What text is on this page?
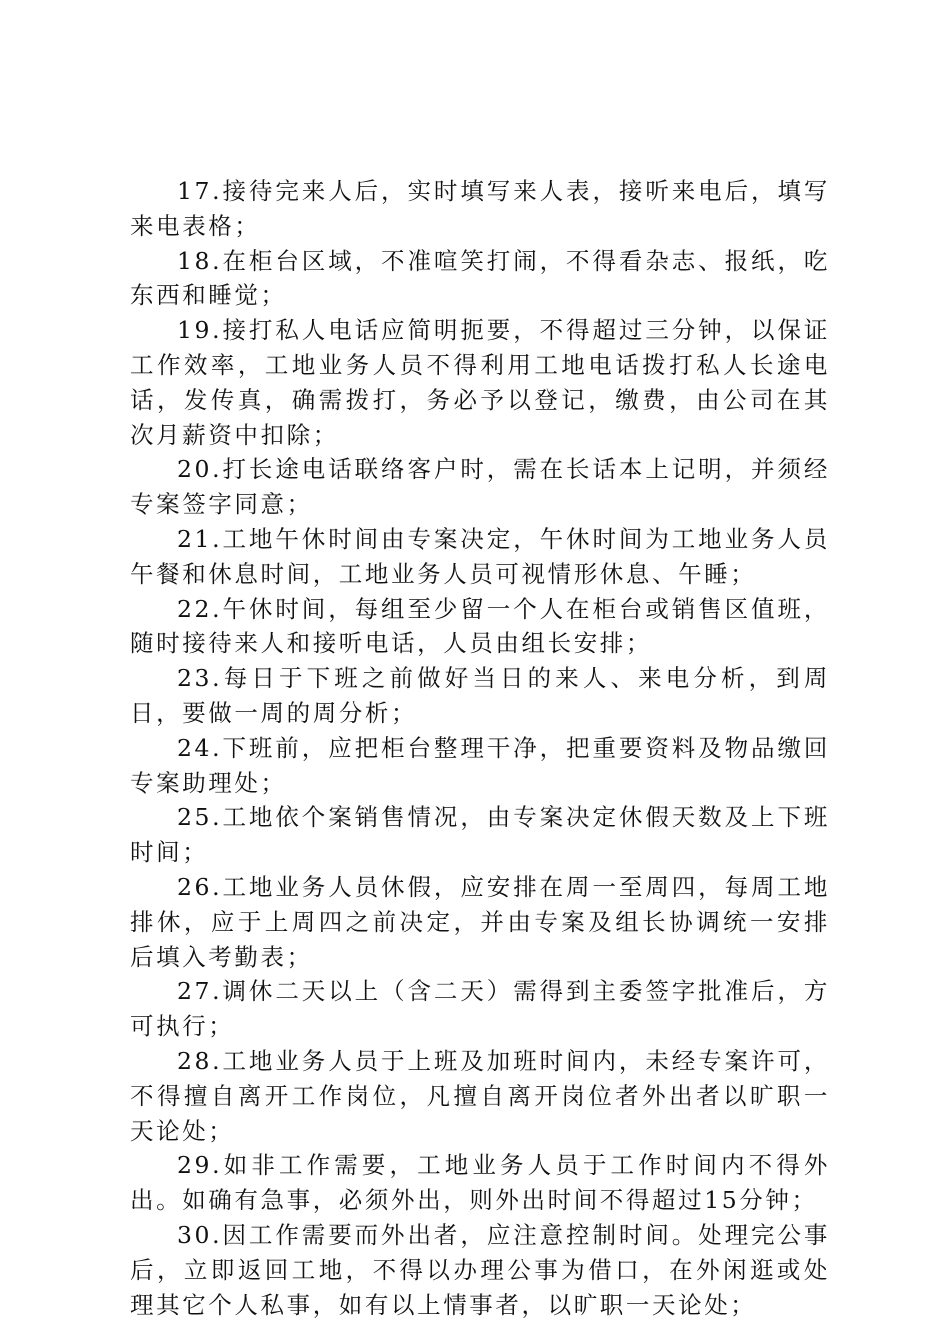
17.接待完来人后，实时填写来人表，接听来电后，填写来电表格；

18.在柜台区域，不准喧笑打闹，不得看杂志、报纸，吃东西和睡觉；

19.接打私人电话应简明扼要，不得超过三分钟，以保证工作效率，工地业务人员不得利用工地电话拨打私人长途电话，发传真，确需拨打，务必予以登记，缴费，由公司在其次月薪资中扣除；

20.打长途电话联络客户时，需在长话本上记明，并须经专案签字同意；

21.工地午休时间由专案决定，午休时间为工地业务人员午餐和休息时间，工地业务人员可视情形休息、午睡；

22.午休时间，每组至少留一个人在柜台或销售区值班，随时接待来人和接听电话，人员由组长安排；

23.每日于下班之前做好当日的来人、来电分析，到周日，要做一周的周分析；

24.下班前，应把柜台整理干净，把重要资料及物品缴回专案助理处；

25.工地依个案销售情况，由专案决定休假天数及上下班时间；

26.工地业务人员休假，应安排在周一至周四，每周工地排休，应于上周四之前决定，并由专案及组长协调统一安排后填入考勤表；

27.调休二天以上（含二天）需得到主委签字批准后，方可执行；

28.工地业务人员于上班及加班时间内，未经专案许可，不得擅自离开工作岗位，凡擅自离开岗位者外出者以旷职一天论处；

29.如非工作需要，工地业务人员于工作时间内不得外出。如确有急事，必须外出，则外出时间不得超过15分钟；

30.因工作需要而外出者，应注意控制时间。处理完公事后，立即返回工地，不得以办理公事为借口，在外闲逛或处理其它个人私事，如有以上情事者，以旷职一天论处；
